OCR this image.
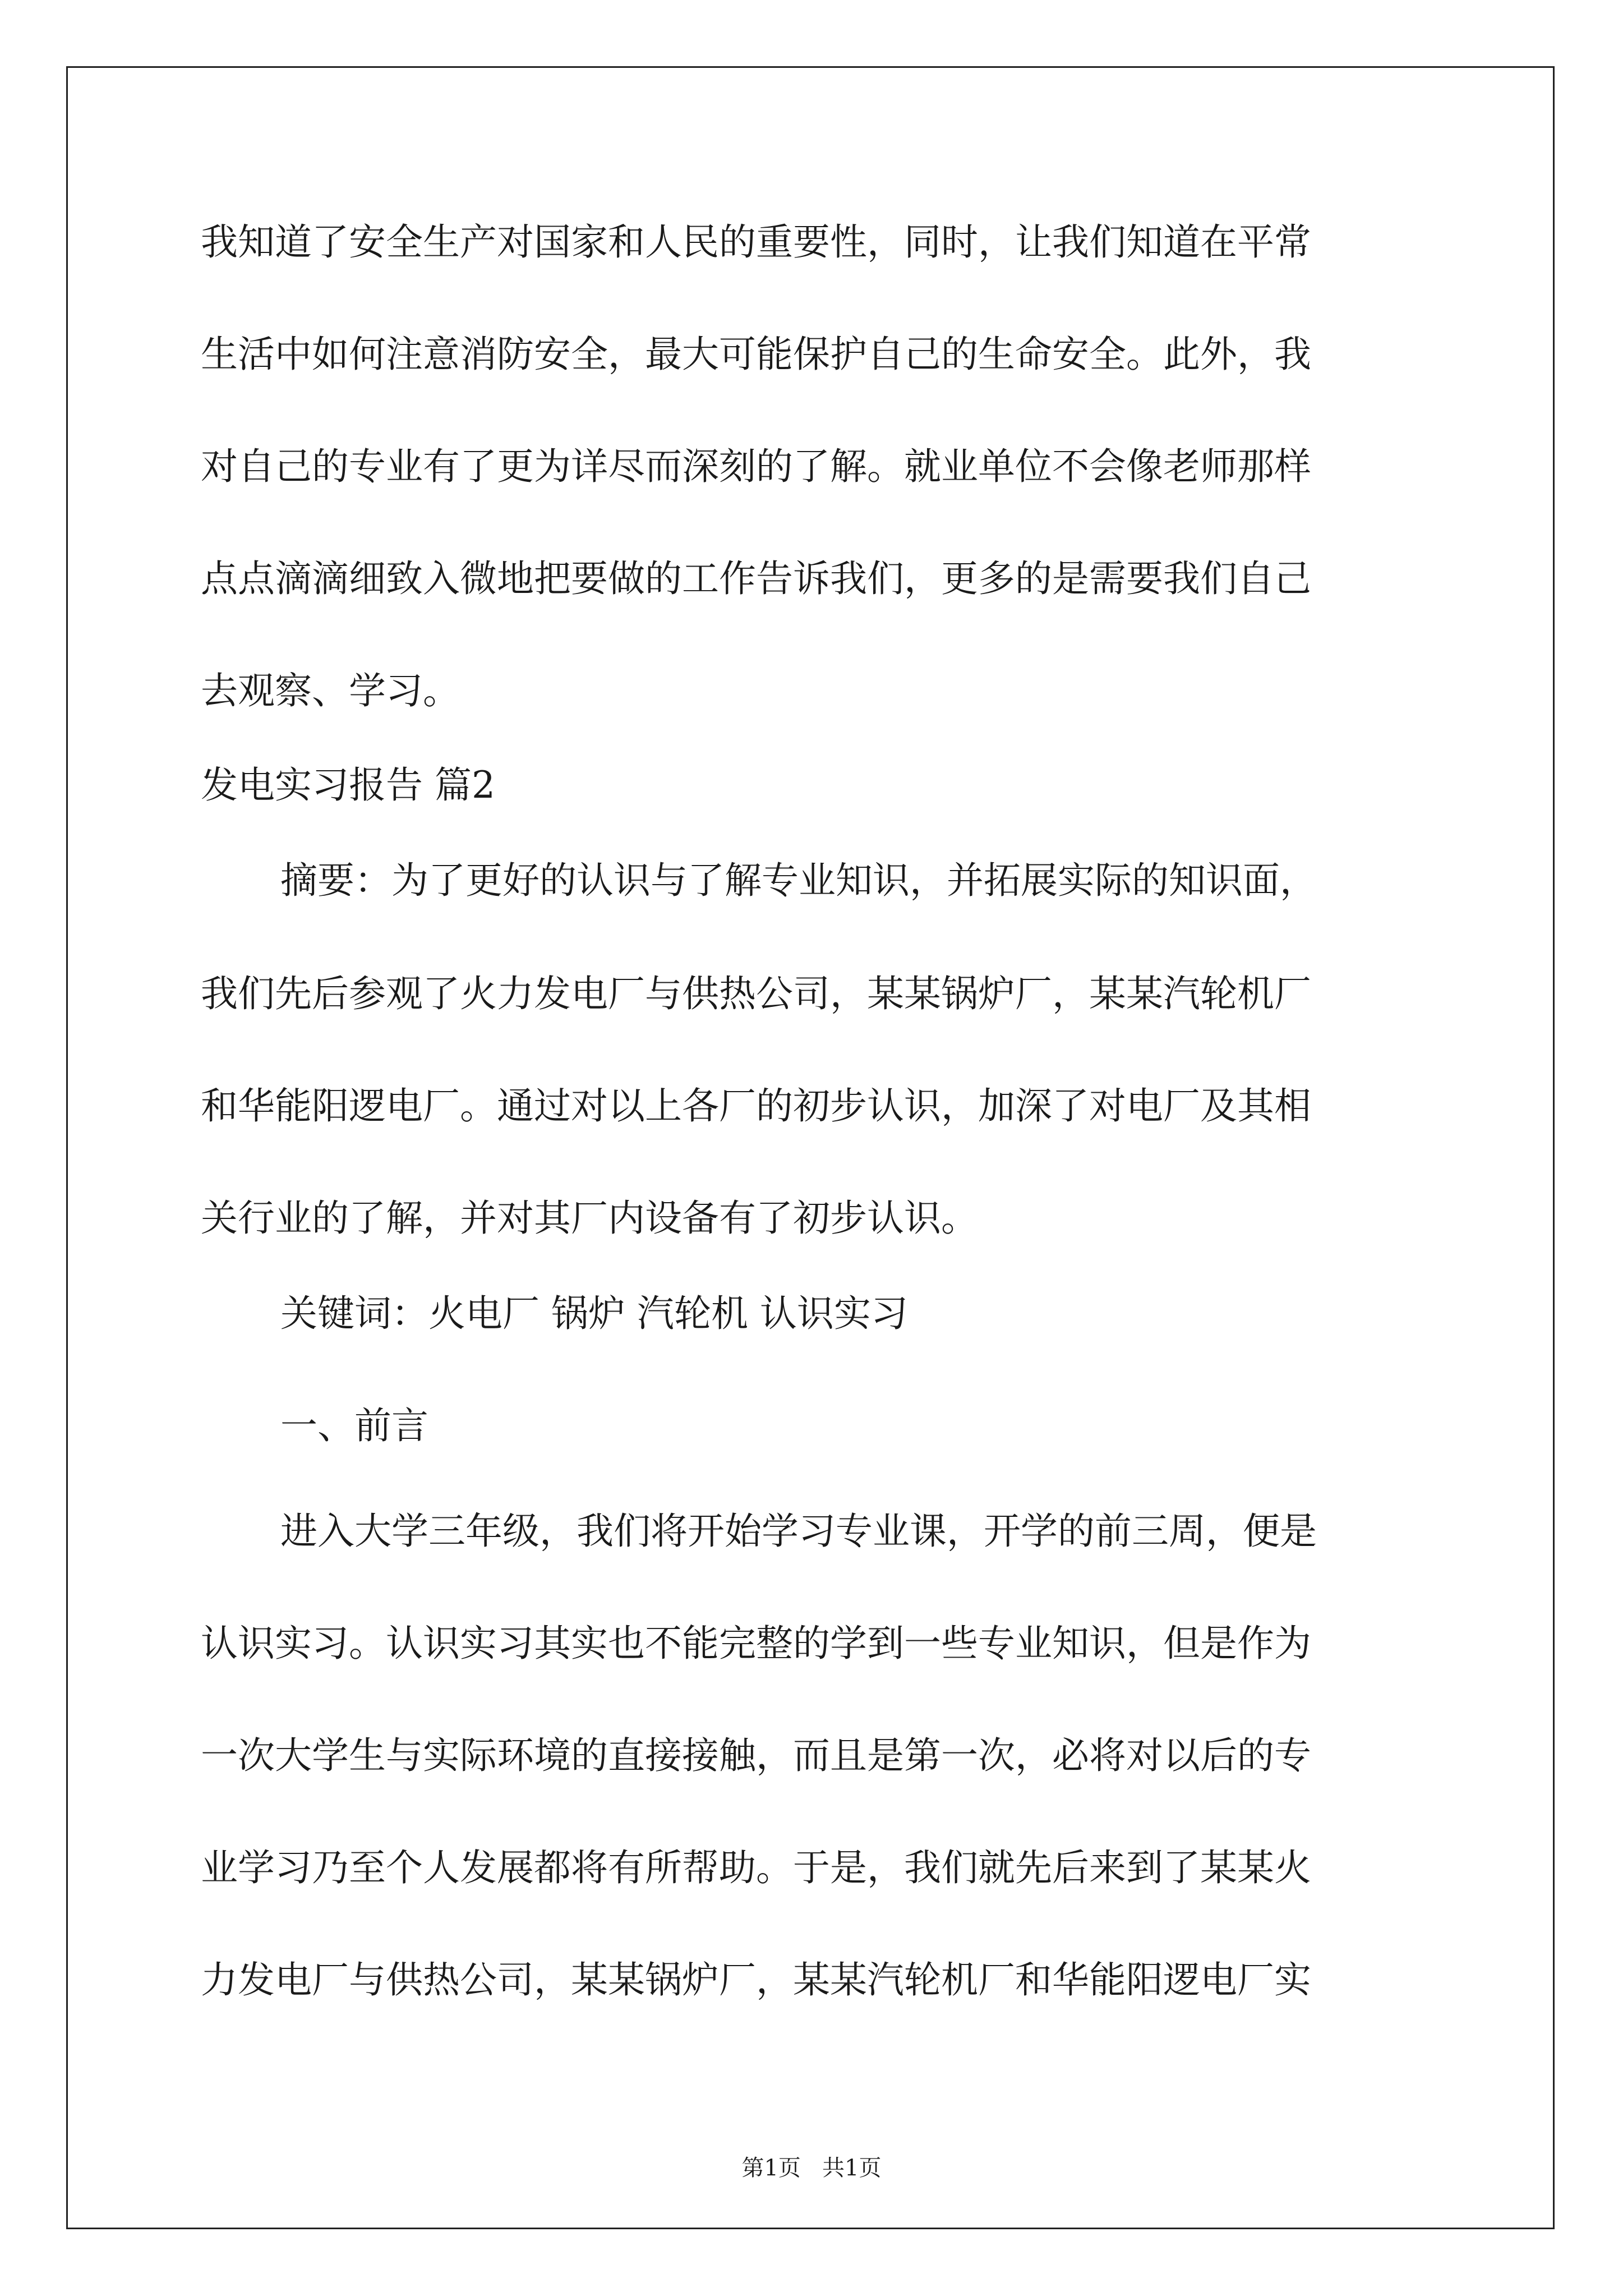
我知道了安全生产对国家和人民的重要性，同时，让我们知道在平常
生活中如何注意消防安全，最大可能保护自己的生命安全。此外，我
对自己的专业有了更为详尽而深刻的了解。就业单位不会像老师那样
点点滴滴细致入微地把要做的工作告诉我们，更多的是需要我们自己
去观察、学习。
发电实习报告 篇2
摘要：为了更好的认识与了解专业知识，并拓展实际的知识面，
我们先后参观了火力发电厂与供热公司，某某锅炉厂，某某汽轮机厂
和华能阳逻电厂。通过对以上各厂的初步认识，加深了对电厂及其相
关行业的了解，并对其厂内设备有了初步认识。
关键词：火电厂 锅炉 汽轮机 认识实习
一、前言
进入大学三年级，我们将开始学习专业课，开学的前三周，便是
认识实习。认识实习其实也不能完整的学到一些专业知识，但是作为
一次大学生与实际环境的直接接触，而且是第一次，必将对以后的专
业学习乃至个人发展都将有所帮助。于是，我们就先后来到了某某火
力发电厂与供热公司，某某锅炉厂，某某汽轮机厂和华能阳逻电厂实
第1页   共1页
